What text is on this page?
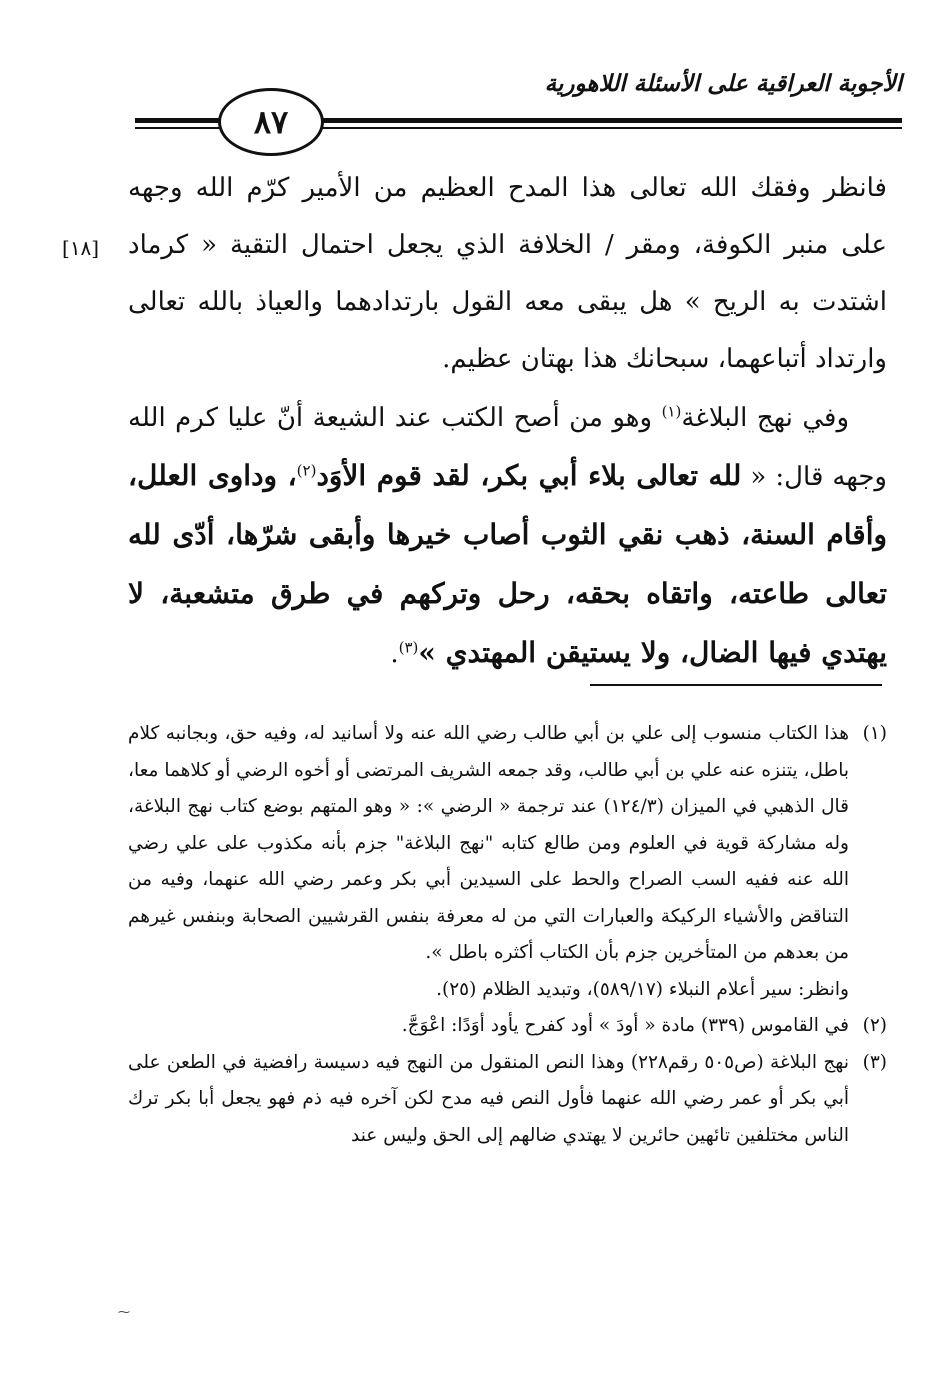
الأجوبة العراقية على الأسئلة اللاهورية
٨٧
[١٨]

فانظر وفقك الله تعالى هذا المدح العظيم من الأمير كرّم الله وجهه على منبر الكوفة، ومقر / الخلافة الذي يجعل احتمال التقية « كرماد اشتدت به الريح » هل يبقى معه القول بارتدادهما والعياذ بالله تعالى وارتداد أتباعهما، سبحانك هذا بهتان عظيم.

وفي نهج البلاغة$^{(١)}$ وهو من أصح الكتب عند الشيعة أنّ عليا كرم الله وجهه قال: « لله تعالى بلاء أبي بكر، لقد قوم الأوَد$^{(٢)}$، وداوى العلل، وأقام السنة، ذهب نقي الثوب أصاب خيرها وأبقى شرّها، أدّى لله تعالى طاعته، واتقاه بحقه، رحل وتركهم في طرق متشعبة، لا يهتدي فيها الضال، ولا يستيقن المهتدي »$^{(٣)}$.

(١)هذا الكتاب منسوب إلى علي بن أبي طالب رضي الله عنه ولا أسانيد له، وفيه حق، وبجانبه كلام باطل، يتنزه عنه علي بن أبي طالب، وقد جمعه الشريف المرتضى أو أخوه الرضي أو كلاهما معا، قال الذهبي في الميزان (١٢٤/٣) عند ترجمة « الرضي »: « وهو المتهم بوضع كتاب نهج البلاغة، وله مشاركة قوية في العلوم ومن طالع كتابه "نهج البلاغة" جزم بأنه مكذوب على علي رضي الله عنه ففيه السب الصراح والحط على السيدين أبي بكر وعمر رضي الله عنهما، وفيه من التناقض والأشياء الركيكة والعبارات التي من له معرفة بنفس القرشيين الصحابة وبنفس غيرهم من بعدهم من المتأخرين جزم بأن الكتاب أكثره باطل ».

وانظر: سير أعلام النبلاء (٥٨٩/١٧)، وتبديد الظلام (٢٥).

(٢)في القاموس (٣٣٩) مادة « أودَ » أود كفرح يأود أوَدًا: اعْوَجَّ.

(٣)نهج البلاغة (ص٥٠٥ رقم٢٢٨) وهذا النص المنقول من النهج فيه دسيسة رافضية في الطعن على أبي بكر أو عمر رضي الله عنهما فأول النص فيه مدح لكن آخره فيه ذم فهو يجعل أبا بكر ترك الناس مختلفين تائهين حائرين لا يهتدي ضالهم إلى الحق وليس عند

⁓
